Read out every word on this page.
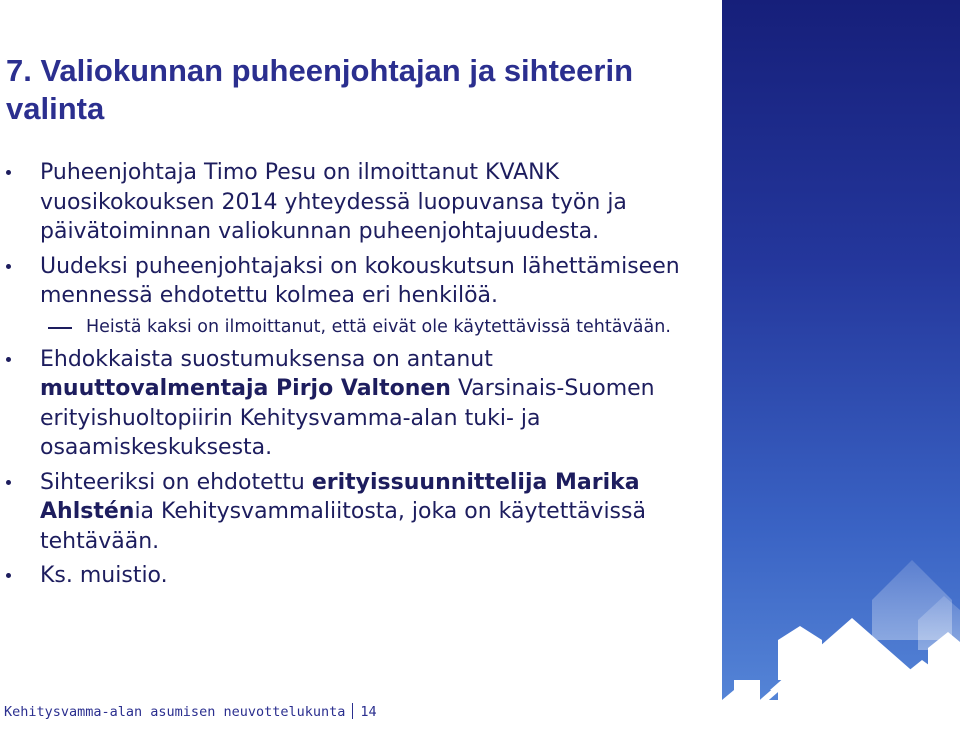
7. Valiokunnan puheenjohtajan ja sihteerin valinta
Puheenjohtaja Timo Pesu on ilmoittanut KVANK vuosikokouksen 2014 yhteydessä luopuvansa työn ja päivätoiminnan valiokunnan puheenjohtajuudesta.
Uudeksi puheenjohtajaksi on kokouskutsun lähettämiseen mennessä ehdotettu kolmea eri henkilöä.
Heistä kaksi on ilmoittanut, että eivät ole käytettävissä tehtävään.
Ehdokkaista suostumuksensa on antanut muuttovalmentaja Pirjo Valtonen Varsinais-Suomen erityishuoltopiirin Kehitysvamma-alan tuki- ja osaamiskeskuksesta.
Sihteeriksi on ehdotettu erityissuunnittelija Marika Ahlsténia Kehitysvammaliitosta, joka on käytettävissä tehtävään.
Ks. muistio.
Kehitysvamma-alan asumisen neuvottelukunta 14
